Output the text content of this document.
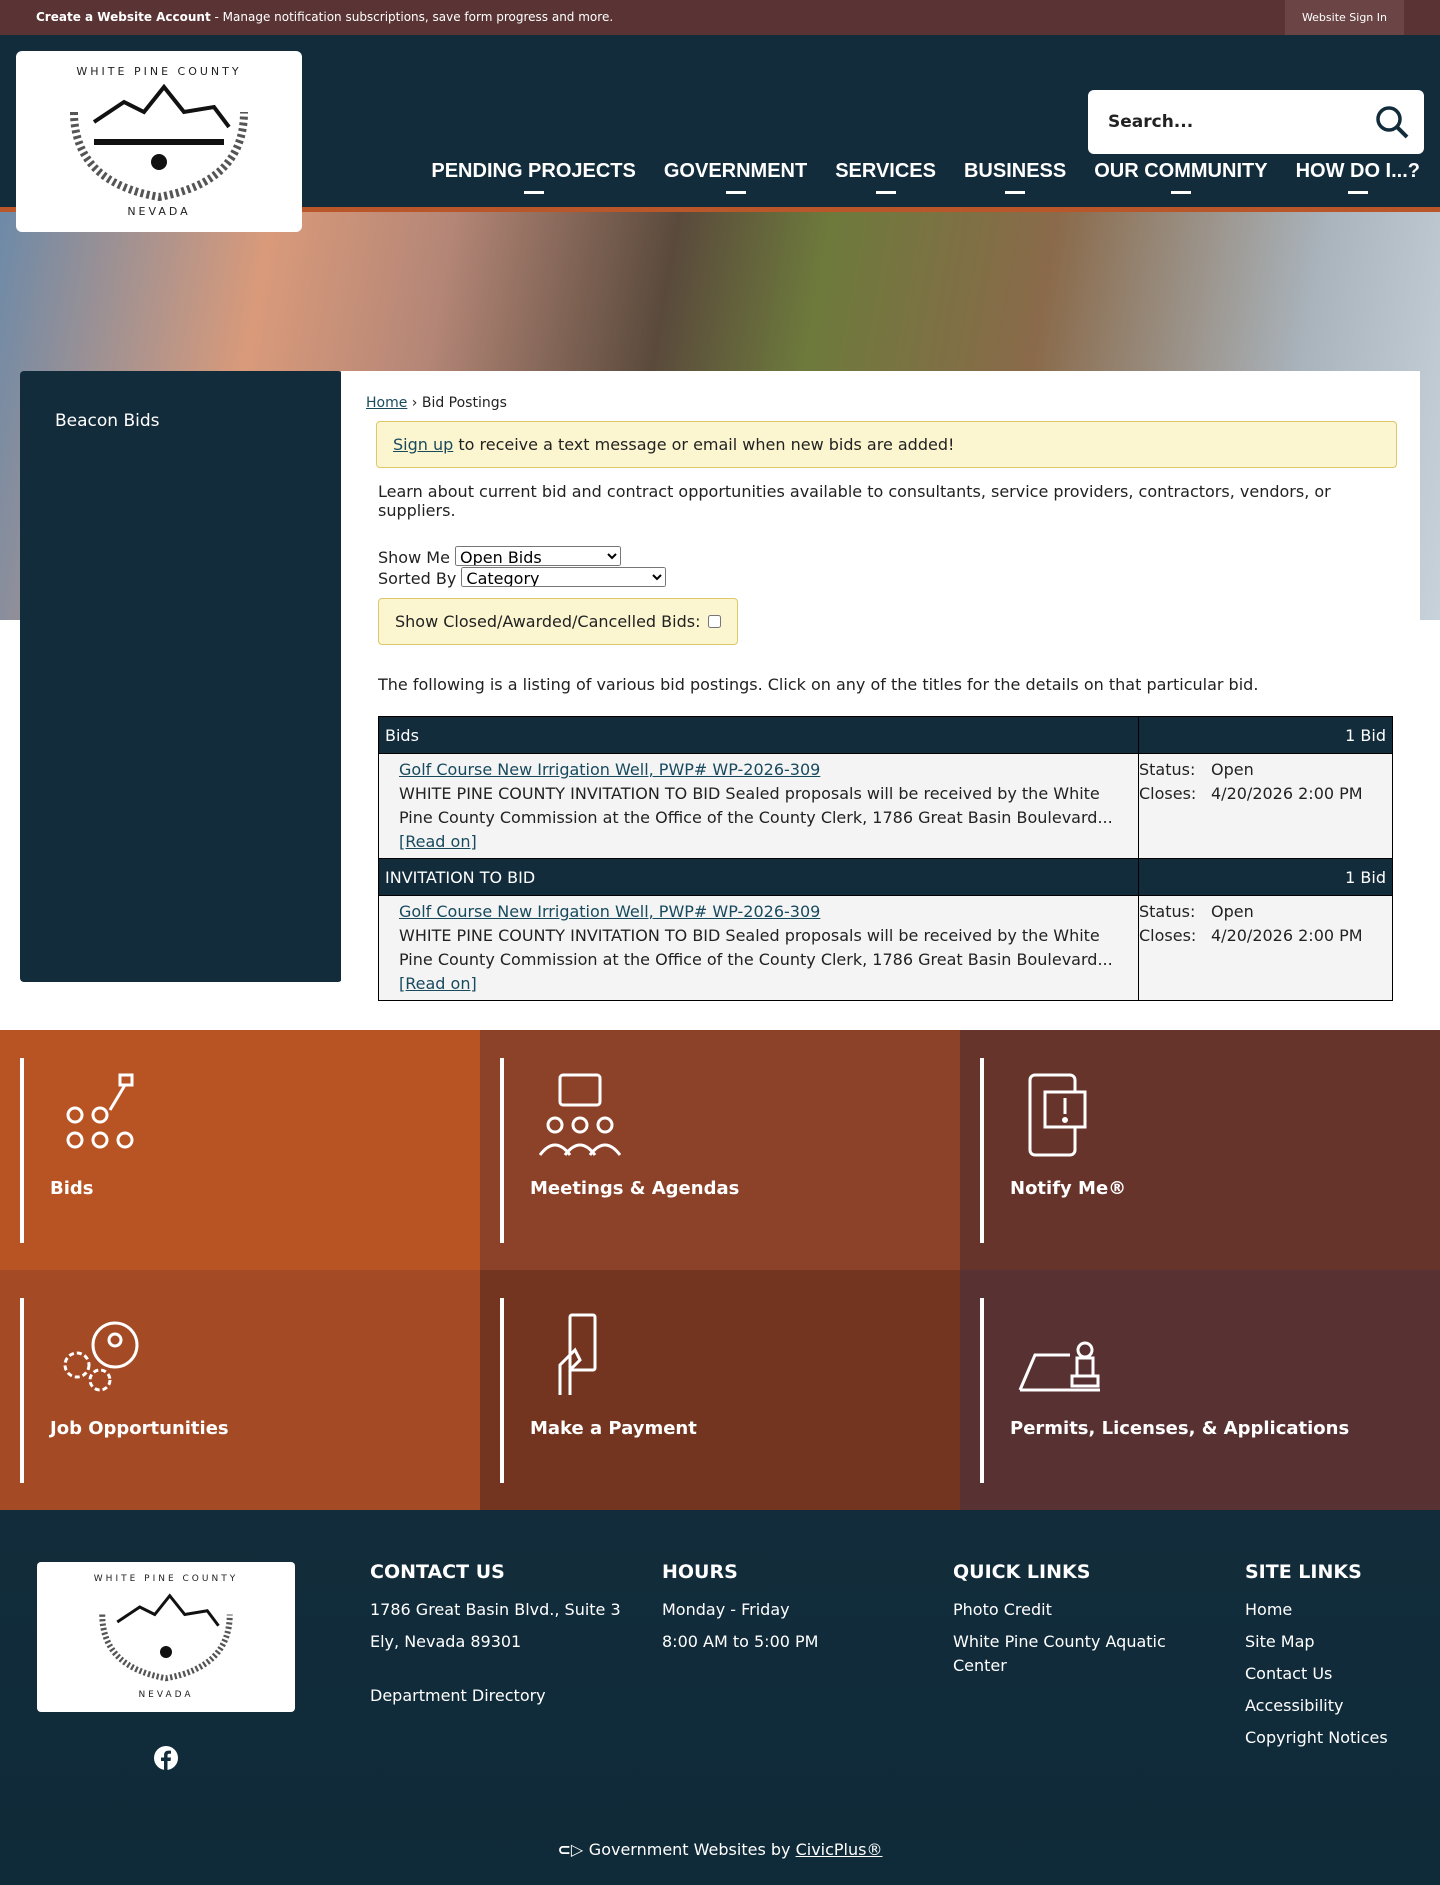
Create a Website Account - Manage notification subscriptions, save form progress and more.	Website Sign In
Search...
PENDING PROJECTS GOVERNMENT SERVICES BUSINESS OUR COMMUNITY HOW DO I...?
WHITE PINE COUNTY
NEVADA
Beacon Bids
Home › Bid Postings
Sign up to receive a text message or email when new bids are added!
Learn about current bid and contract opportunities available to consultants, service providers, contractors, vendors, or suppliers.
Show Me
Open Bids
Sorted By
Category
Show Closed/Awarded/Cancelled Bids:
The following is a listing of various bid postings. Click on any of the titles for the details on that particular bid.
Bids	1 Bid
Golf Course New Irrigation Well, PWP# WP-2026-309
WHITE PINE COUNTY INVITATION TO BID Sealed proposals will be received by the White Pine County Commission at the Office of the County Clerk, 1786 Great Basin Boulevard...[Read on]	Status: Open
Closes: 4/20/2026 2:00 PM
INVITATION TO BID	1 Bid
Golf Course New Irrigation Well, PWP# WP-2026-309
WHITE PINE COUNTY INVITATION TO BID Sealed proposals will be received by the White Pine County Commission at the Office of the County Clerk, 1786 Great Basin Boulevard...[Read on]	Status: Open
Closes: 4/20/2026 2:00 PM
Bids	Meetings & Agendas	Notify Me®
Job Opportunities	Make a Payment	Permits, Licenses, & Applications
WHITE PINE COUNTY
NEVADA
CONTACT US
1786 Great Basin Blvd., Suite 3
Ely, Nevada 89301
Department Directory
HOURS
Monday - Friday
8:00 AM to 5:00 PM
QUICK LINKS
Photo Credit
White Pine County Aquatic Center
SITE LINKS
Home
Site Map
Contact Us
Accessibility
Copyright Notices
⊂▷ Government Websites by CivicPlus®
